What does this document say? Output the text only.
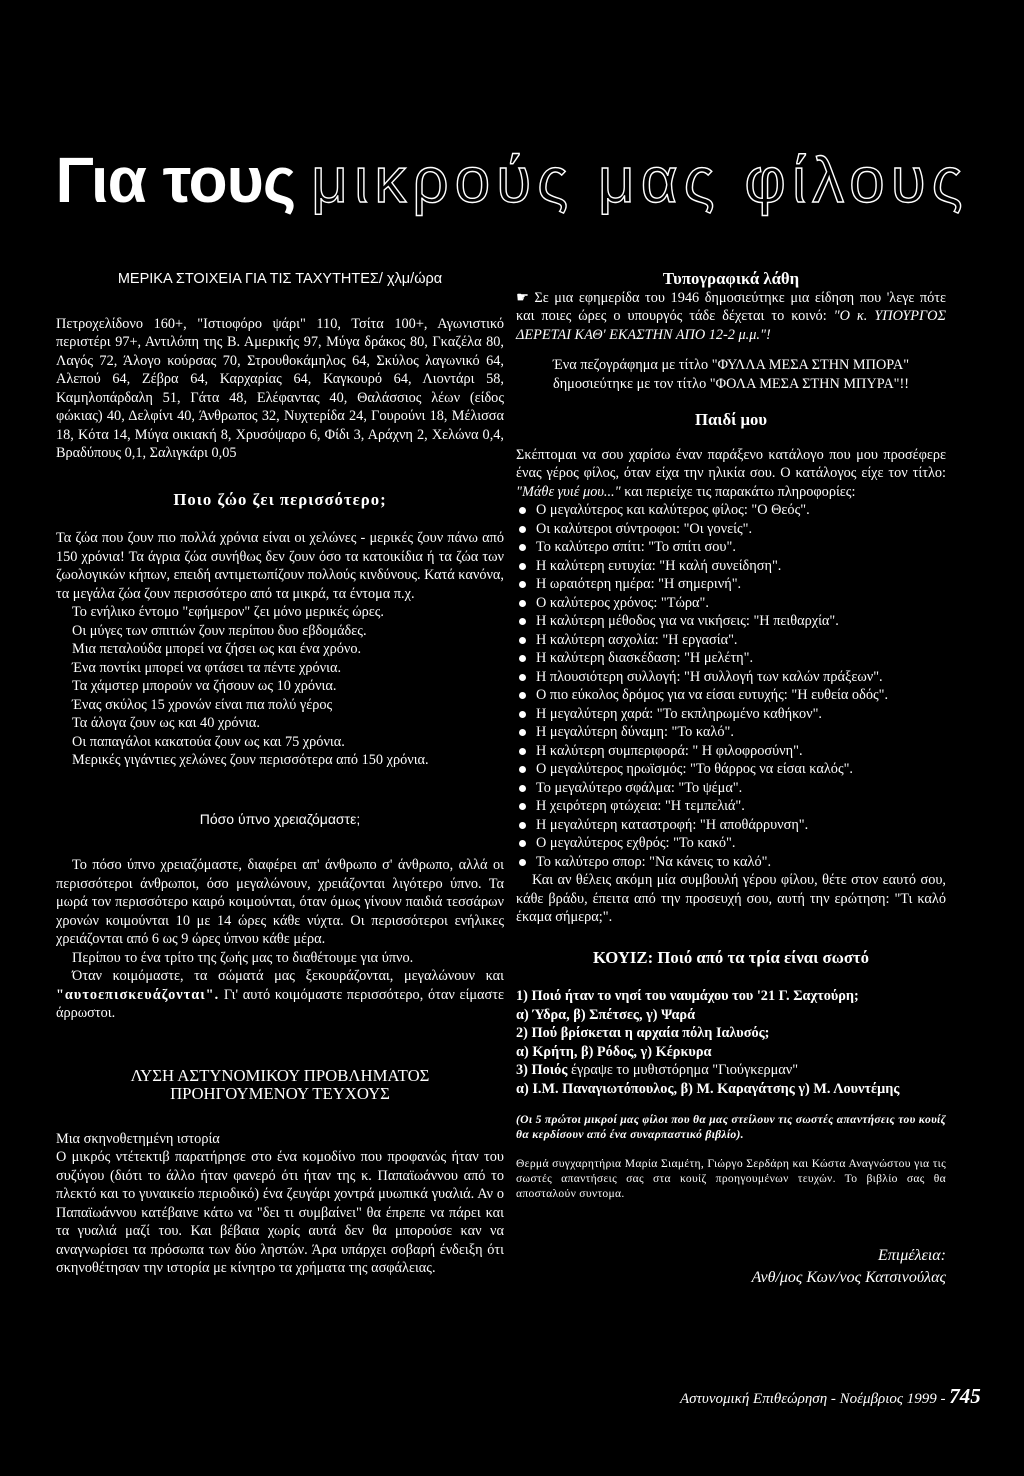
Για τους μικρούς μας φίλους
ΜΕΡΙΚΑ ΣΤΟΙΧΕΙΑ ΓΙΑ ΤΙΣ ΤΑΧΥΤΗΤΕΣ/ χλμ/ώρα

Πετροχελίδονο 160+, "Ιστιοφόρο ψάρι" 110, Τσίτα 100+, Αγωνιστικό περιστέρι 97+, Αντιλόπη της Β. Αμερικής 97, Μύγα δράκος 80, Γκαζέλα 80, Λαγός 72, Άλογο κούρσας 70, Στρουθοκάμηλος 64, Σκύλος λαγωνικό 64, Αλεπού 64, Ζέβρα 64, Καρχαρίας 64, Καγκουρό 64, Λιοντάρι 58, Καμηλοπάρδαλη 51, Γάτα 48, Ελέφαντας 40, Θαλάσσιος λέων (είδος φώκιας) 40, Δελφίνι 40, Άνθρωπος 32, Νυχτερίδα 24, Γουρούνι 18, Μέλισσα 18, Κότα 14, Μύγα οικιακή 8, Χρυσόψαρο 6, Φίδι 3, Αράχνη 2, Χελώνα 0,4, Βραδύπους 0,1, Σαλιγκάρι 0,05

Ποιο ζώο ζει περισσότερο;

Τα ζώα που ζουν πιο πολλά χρόνια είναι οι χελώνες - μερικές ζουν πάνω από 150 χρόνια! Τα άγρια ζώα συνήθως δεν ζουν όσο τα κατοικίδια ή τα ζώα των ζωολογικών κήπων, επειδή αντιμετωπίζουν πολλούς κινδύνους. Κατά κανόνα, τα μεγάλα ζώα ζουν περισσότερο από τα μικρά, τα έντομα π.χ.

Το ενήλικο έντομο "εφήμερον" ζει μόνο μερικές ώρες.

Οι μύγες των σπιτιών ζουν περίπου δυο εβδομάδες.

Μια πεταλούδα μπορεί να ζήσει ως και ένα χρόνο.

Ένα ποντίκι μπορεί να φτάσει τα πέντε χρόνια.

Τα χάμστερ μπορούν να ζήσουν ως 10 χρόνια.

Ένας σκύλος 15 χρονών είναι πια πολύ γέρος

Τα άλογα ζουν ως και 40 χρόνια.

Οι παπαγάλοι κακατούα ζουν ως και 75 χρόνια.

Μερικές γιγάντιες χελώνες ζουν περισσότερα από 150 χρόνια.

Πόσο ύπνο χρειαζόμαστε;

Το πόσο ύπνο χρειαζόμαστε, διαφέρει απ' άνθρωπο σ' άνθρωπο, αλλά οι περισσότεροι άνθρωποι, όσο μεγαλώνουν, χρειάζονται λιγότερο ύπνο. Τα μωρά τον περισσότερο καιρό κοιμούνται, όταν όμως γίνουν παιδιά τεσσάρων χρονών κοιμούνται 10 με 14 ώρες κάθε νύχτα. Οι περισσότεροι ενήλικες χρειάζονται από 6 ως 9 ώρες ύπνου κάθε μέρα.

Περίπου το ένα τρίτο της ζωής μας το διαθέτουμε για ύπνο.

Όταν κοιμόμαστε, τα σώματά μας ξεκουράζονται, μεγαλώνουν και "αυτοεπισκευάζονται". Γι' αυτό κοιμόμαστε περισσότερο, όταν είμαστε άρρωστοι.

ΛΥΣΗ ΑΣΤΥΝΟΜΙΚΟΥ ΠΡΟΒΛΗΜΑΤΟΣ
ΠΡΟΗΓΟΥΜΕΝΟΥ ΤΕΥΧΟΥΣ

Μια σκηνοθετημένη ιστορία

Ο μικρός ντέτεκτιβ παρατήρησε στο ένα κομοδίνο που προφανώς ήταν του συζύγου (διότι το άλλο ήταν φανερό ότι ήταν της κ. Παπαϊωάννου από το πλεκτό και το γυναικείο περιοδικό) ένα ζευγάρι χοντρά μυωπικά γυαλιά. Αν ο Παπαϊωάννου κατέβαινε κάτω να "δει τι συμβαίνει" θα έπρεπε να πάρει και τα γυαλιά μαζί του. Και βέβαια χωρίς αυτά δεν θα μπορούσε καν να αναγνωρίσει τα πρόσωπα των δύο ληστών. Άρα υπάρχει σοβαρή ένδειξη ότι σκηνοθέτησαν την ιστορία με κίνητρο τα χρήματα της ασφάλειας.

Τυπογραφικά λάθη

☛ Σε μια εφημερίδα του 1946 δημοσιεύτηκε μια είδηση που 'λεγε πότε και ποιες ώρες ο υπουργός τάδε δέχεται το κοινό: "Ο κ. ΥΠΟΥΡΓΟΣ ΔΕΡΕΤΑΙ ΚΑΘ' ΕΚΑΣΤΗΝ ΑΠΟ 12-2 μ.μ."!

Ένα πεζογράφημα με τίτλο "ΦΥΛΛΑ ΜΕΣΑ ΣΤΗΝ ΜΠΟΡΑ" δημοσιεύτηκε με τον τίτλο "ΦΟΛΑ ΜΕΣΑ ΣΤΗΝ ΜΠΥΡΑ"!!

Παιδί μου

Σκέπτομαι να σου χαρίσω έναν παράξενο κατάλογο που μου προσέφερε ένας γέρος φίλος, όταν είχα την ηλικία σου. Ο κατάλογος είχε τον τίτλο: "Μάθε γυιέ μου..." και περιείχε τις παρακάτω πληροφορίες:

Ο μεγαλύτερος και καλύτερος φίλος: "Ο Θεός".
Οι καλύτεροι σύντροφοι: "Οι γονείς".
Το καλύτερο σπίτι: "Το σπίτι σου".
Η καλύτερη ευτυχία: "Η καλή συνείδηση".
Η ωραιότερη ημέρα: "Η σημερινή".
Ο καλύτερος χρόνος: "Τώρα".
Η καλύτερη μέθοδος για να νικήσεις: "Η πειθαρχία".
Η καλύτερη ασχολία: "Η εργασία".
Η καλύτερη διασκέδαση: "Η μελέτη".
Η πλουσιότερη συλλογή: "Η συλλογή των καλών πράξεων".
Ο πιο εύκολος δρόμος για να είσαι ευτυχής: "Η ευθεία οδός".
Η μεγαλύτερη χαρά: "Το εκπληρωμένο καθήκον".
Η μεγαλύτερη δύναμη: "Το καλό".
Η καλύτερη συμπεριφορά: " Η φιλοφροσύνη".
Ο μεγαλύτερος ηρωϊσμός: "Το θάρρος να είσαι καλός".
Το μεγαλύτερο σφάλμα: "Το ψέμα".
Η χειρότερη φτώχεια: "Η τεμπελιά".
Η μεγαλύτερη καταστροφή: "Η αποθάρρυνση".
Ο μεγαλύτερος εχθρός: "Το κακό".
Το καλύτερο σπορ: "Να κάνεις το καλό".

Και αν θέλεις ακόμη μία συμβουλή γέρου φίλου, θέτε στον εαυτό σου, κάθε βράδυ, έπειτα από την προσευχή σου, αυτή την ερώτηση: "Τι καλό έκαμα σήμερα;".

ΚΟΥΙΖ: Ποιό από τα τρία είναι σωστό

1) Ποιό ήταν το νησί του ναυμάχου του '21 Γ. Σαχτούρη;

α) Ύδρα, β) Σπέτσες, γ) Ψαρά

2) Πού βρίσκεται η αρχαία πόλη Ιαλυσός;

α) Κρήτη, β) Ρόδος, γ) Κέρκυρα

3) Ποιός έγραψε το μυθιστόρημα "Γιούγκερμαν"

α) Ι.Μ. Παναγιωτόπουλος, β) Μ. Καραγάτσης γ) Μ. Λουντέμης

(Οι 5 πρώτοι μικροί μας φίλοι που θα μας στείλουν τις σωστές απαντήσεις του κουίζ θα κερδίσουν από ένα συναρπαστικό βιβλίο).

Θερμά συγχαρητήρια Μαρία Σιαμέτη, Γιώργο Σερδάρη και Κώστα Αναγνώστου για τις σωστές απαντήσεις σας στα κουίζ προηγουμένων τευχών. Το βιβλίο σας θα αποσταλούν συντομα.

Επιμέλεια:
Ανθ/μος Κων/νος Κατσινούλας
Αστυνομική Επιθεώρηση - Νοέμβριος 1999 - 745
